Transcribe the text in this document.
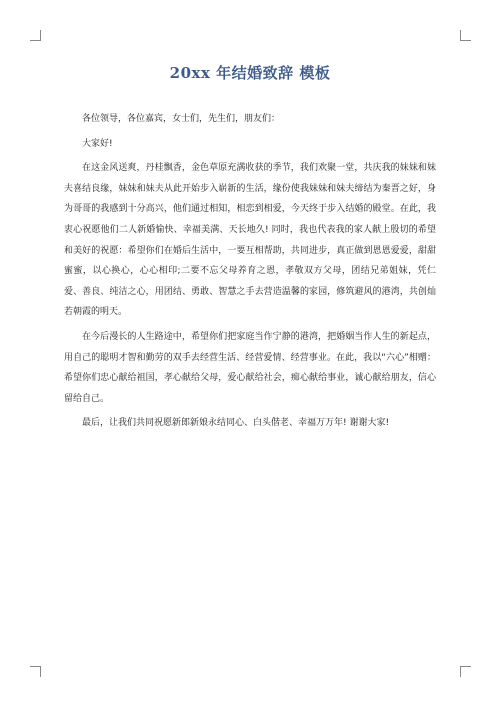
20xx 年结婚致辞 模板

各位领导，各位嘉宾，女士们，先生们，朋友们：

大家好!

在这金风送爽，丹桂飘香，金色草原充满收获的季节，我们欢聚一堂，共庆我的妹妹和妹夫喜结良缘，妹妹和妹夫从此开始步入崭新的生活，缘份使我妹妹和妹夫缔结为秦晋之好，身为哥哥的我感到十分高兴，他们通过相知，相恋到相爱，今天终于步入结婚的殿堂。在此，我衷心祝愿他们二人新婚愉快、幸福美满、天长地久! 同时，我也代表我的家人献上殷切的希望和美好的祝愿：希望你们在婚后生活中，一要互相帮助，共同进步，真正做到恩恩爱爱，甜甜蜜蜜，以心换心，心心相印;二要不忘父母养育之恩，孝敬双方父母，团结兄弟姐妹，凭仁爱、善良、纯洁之心，用团结、勇敢、智慧之手去营造温馨的家园，修筑避风的港湾，共创灿若朝霞的明天。

在今后漫长的人生路途中，希望你们把家庭当作宁静的港湾，把婚姻当作人生的新起点，用自己的聪明才智和勤劳的双手去经营生活、经营爱情、经营事业。在此，我以“六心”相赠：希望你们忠心献给祖国，孝心献给父母，爱心献给社会，痴心献给事业，诚心献给朋友，信心留给自己。

最后，让我们共同祝愿新郎新娘永结同心、白头偕老、幸福万万年! 谢谢大家!
